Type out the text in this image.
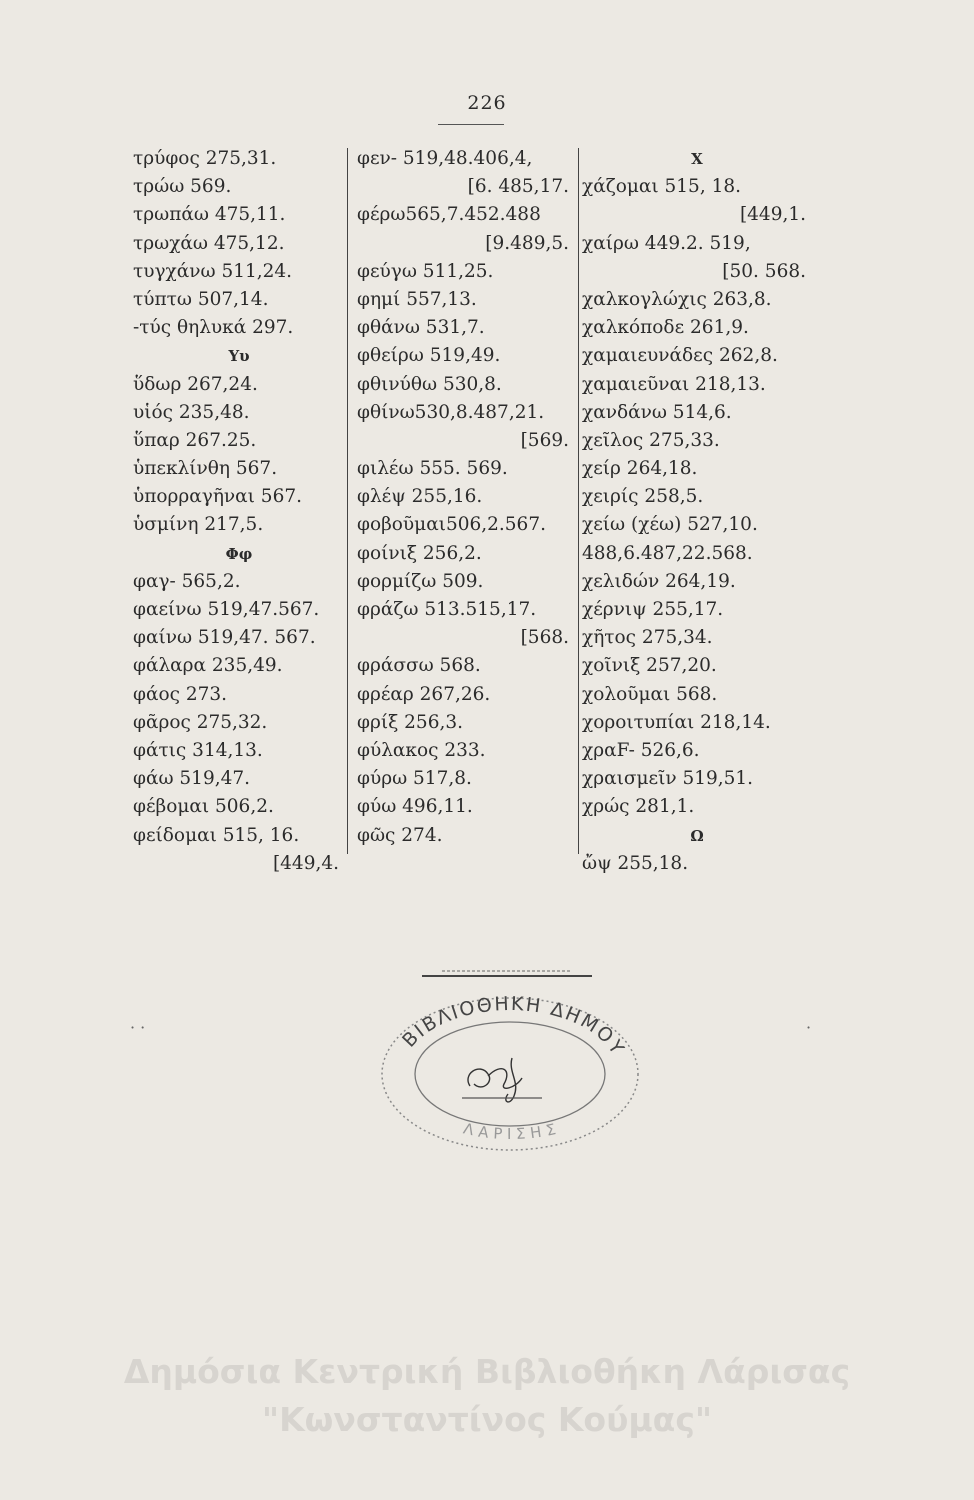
226
τρύφος 275,31.
τρώω 569.
τρωπάω 475,11.
τρωχάω 475,12.
τυγχάνω 511,24.
τύπτω 507,14.
-τύς θηλυκά 297.
Υυ
ὕδωρ 267,24.
υἱός 235,48.
ὕπαρ 267.25.
ὑπεκλίνθη 567.
ὑπορραγῆναι 567.
ὑσμίνη 217,5.
Φφ
φαγ- 565,2.
φαείνω 519,47.567.
φαίνω 519,47. 567.
φάλαρα 235,49.
φάος 273.
φᾶρος 275,32.
φάτις 314,13.
φάω 519,47.
φέβομαι 506,2.
φείδομαι 515, 16.
[449,4.
φεν- 519,48.406,4,
[6. 485,17.
φέρω565,7.452.488
[9.489,5.
φεύγω 511,25.
φημί 557,13.
φθάνω 531,7.
φθείρω 519,49.
φθινύθω 530,8.
φθίνω530,8.487,21.
[569.
φιλέω 555. 569.
φλέψ 255,16.
φοβοῦμαι506,2.567.
φοίνιξ 256,2.
φορμίζω 509.
φράζω 513.515,17.
[568.
φράσσω 568.
φρέαρ 267,26.
φρίξ 256,3.
φύλακος 233.
φύρω 517,8.
φύω 496,11.
φῶς 274.
Χ
χάζομαι 515, 18.
[449,1.
χαίρω 449.2. 519,
[50. 568.
χαλκογλώχις 263,8.
χαλκόποδε 261,9.
χαμαιευνάδες 262,8.
χαμαιεῦναι 218,13.
χανδάνω 514,6.
χεῖλος 275,33.
χείρ 264,18.
χειρίς 258,5.
χείω (χέω) 527,10.
488,6.487,22.568.
χελιδών 264,19.
χέρνιψ 255,17.
χῆτος 275,34.
χοῖνιξ 257,20.
χολοῦμαι 568.
χοροιτυπίαι 218,14.
χραF- 526,6.
χραισμεῖν 519,51.
χρώς 281,1.
Ω
ὤψ 255,18.
ΒΙΒΛΙΟΘΗΚΗ ΔΗΜΟΥ
ΛΑΡΙΣΗΣ
Α.Ζ.
· ·	·
Δημόσια Κεντρική Βιβλιοθήκη Λάρισας
"Κωνσταντίνος Κούμας"
